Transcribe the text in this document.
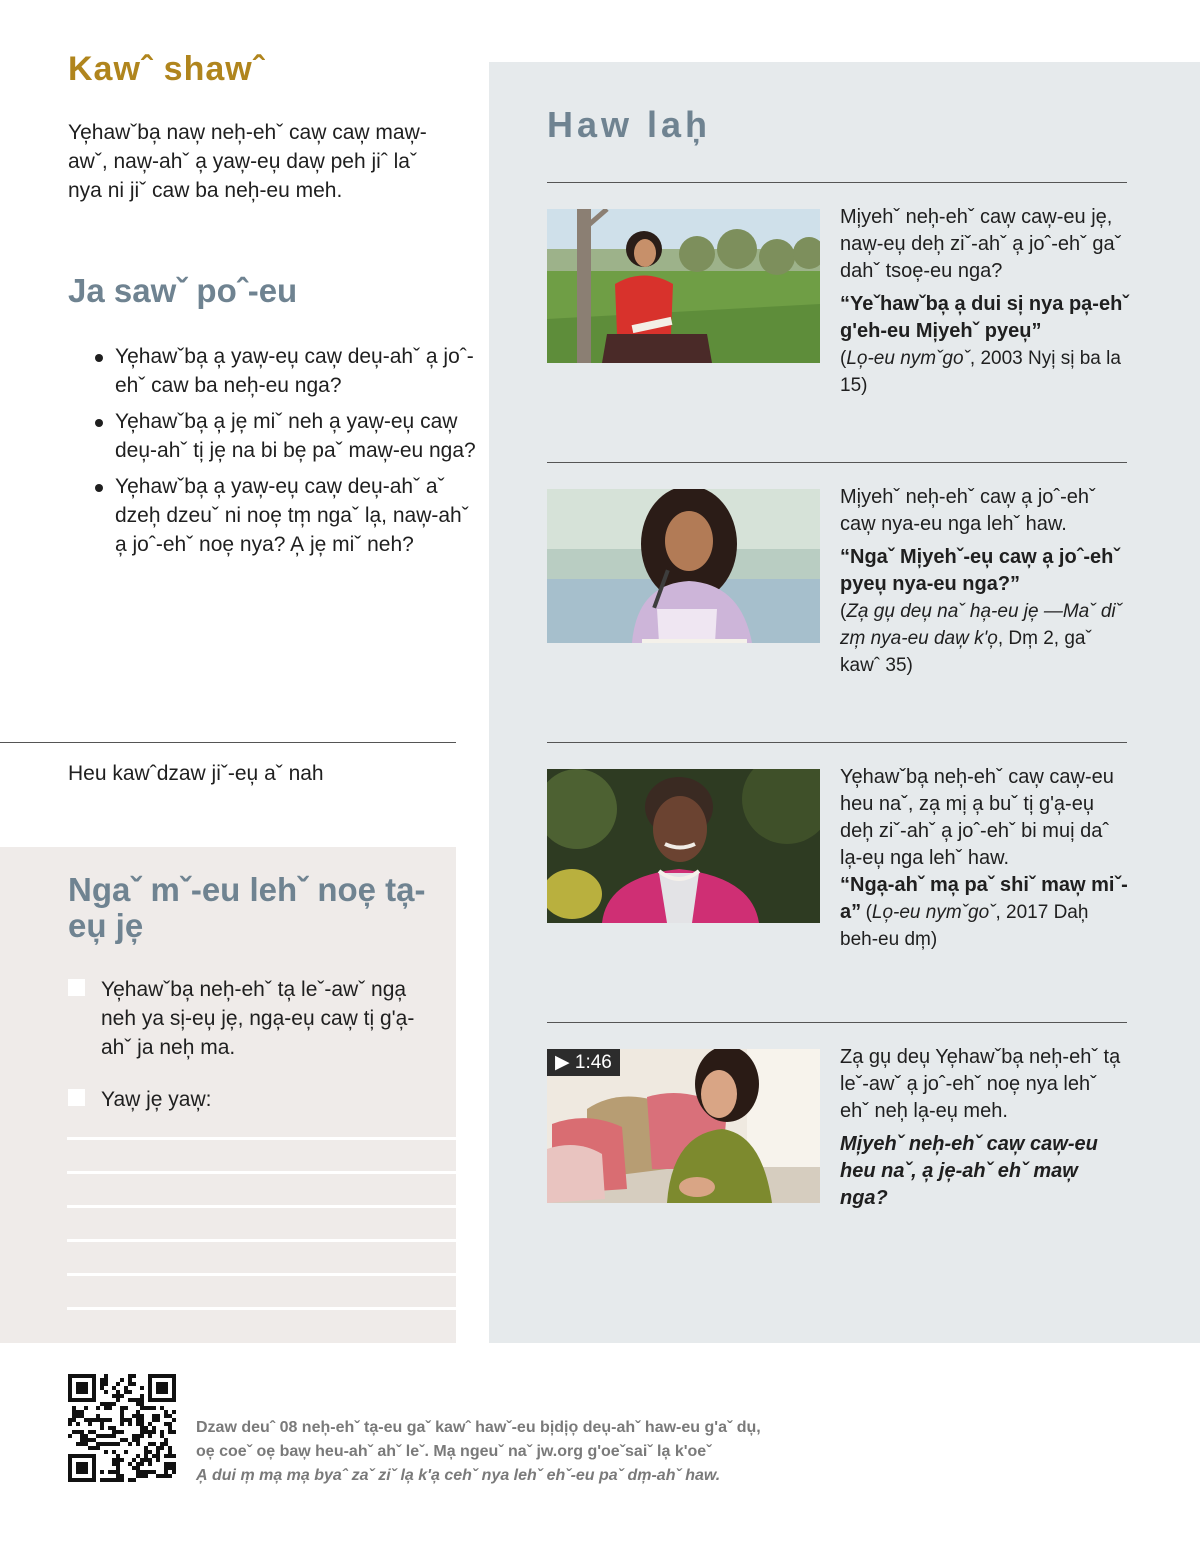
Kawˆ shawˆ

Ye̦hawˇba̦ naw̦ neh̦-ehˇ caw̦ caw̦ maw̦-awˇ, naw̦-ahˇ a̦ yaw̦-eu̦ daw̦ peh jiˆ laˇ nya ni jiˇ caw ba neh̦-eu meh.

Ja sawˇ poˆ-eu
Ye̦hawˇba̦ a̦ yaw̦-eu̦ caw̦ deu̦-ahˇ a̦ joˆ-ehˇ caw ba neh̦-eu nga?
Ye̦hawˇba̦ a̦ je̦ miˇ neh a̦ yaw̦-eu̦ caw̦ deu̦-ahˇ ti̦ je̦ na bi be̦ paˇ maw̦-eu nga?
Ye̦hawˇba̦ a̦ yaw̦-eu̦ caw̦ deu̦-ahˇ aˇ dzeh̦ dzeuˇ ni noe̦ tm̦ ngaˇ la̦, naw̦-ahˇ a̦ joˆ-ehˇ noe̦ nya? A̦ je̦ miˇ neh?

Heu kawˆdzaw jiˇ-eu̦ aˇ nah

Ngaˇ mˇ-eu lehˇ noe̦ ta̦-eu̦ je̦

Ye̦hawˇba̦ neh̦-ehˇ ta̦ leˇ-awˇ nga̦ neh ya si̦-eu̦ je̦, nga̦-eu̦ caw̦ ti̦ g'a̦-ahˇ ja neh̦ ma.

Yaw̦ je̦ yaw̦:

Haw lah̦

Mi̦yehˇ neh̦-ehˇ caw̦ caw̦-eu je̦, naw̦-eu̦ deh̦ ziˇ-ahˇ a̦ joˆ-ehˇ gaˇ dahˇ tsoe̦-eu nga?

“Yeˇhawˇba̦ a̦ dui si̦ nya pa̦-ehˇ g'eh-eu Mi̦yehˇ pyeu̦”

(Lo̦-eu nymˇgoˇ, 2003 Nyi̦ si̦ ba la 15)

Mi̦yehˇ neh̦-ehˇ caw̦ a̦ joˆ-ehˇ caw̦ nya-eu nga lehˇ haw.

“Ngaˇ Mi̦yehˇ-eu̦ caw̦ a̦ joˆ-ehˇ pyeu̦ nya-eu nga?”

(Za̦ gu̦ deu̦ naˇ ha̦-eu je̦ —Maˇ diˇ zm̦ nya-eu daw̦ k'o̦, Dm̦ 2, gaˇ kawˆ 35)

Ye̦hawˇba̦ neh̦-ehˇ caw̦ caw̦-eu heu naˇ, za̦ mi̦ a̦ buˇ ti̦ g'a̦-eu̦ deh̦ ziˇ-ahˇ a̦ joˆ-ehˇ bi mui̦ daˆ la̦-eu̦ nga lehˇ haw.

“Nga̦-ahˇ ma̦ paˇ shiˇ maw̦ miˇ-a”

(Lo̦-eu nymˇgoˇ, 2017 Dah̦ beh-eu dm̦)
▶ 1:46	Za̦ gu̦ deu̦ Ye̦hawˇba̦ neh̦-ehˇ ta̦ leˇ-awˇ a̦ joˆ-ehˇ noe̦ nya lehˇ ehˇ neh̦ la̦-eu̦ meh.

Mi̦yehˇ neh̦-ehˇ caw̦ caw̦-eu heu naˇ, a̦ je̦-ahˇ ehˇ maw̦ nga?

Dzaw deuˆ 08 neh̦-ehˇ ta̦-eu gaˇ kawˆ hawˇ-eu bi̦di̦o̦ deu̦-ahˇ haw-eu g'aˇ du̦,
oe̦ coeˇ oe̦ baw̦ heu-ahˇ ahˇ leˇ. Ma̦ ngeuˇ naˇ jw.org g'oeˇsaiˇ la̦ k'oeˇ
A̦ dui m̦ ma̦ ma̦ byaˆ zaˇ ziˇ la̦ k'a̦ cehˇ nya lehˇ ehˇ-eu paˇ dm̦-ahˇ haw.
